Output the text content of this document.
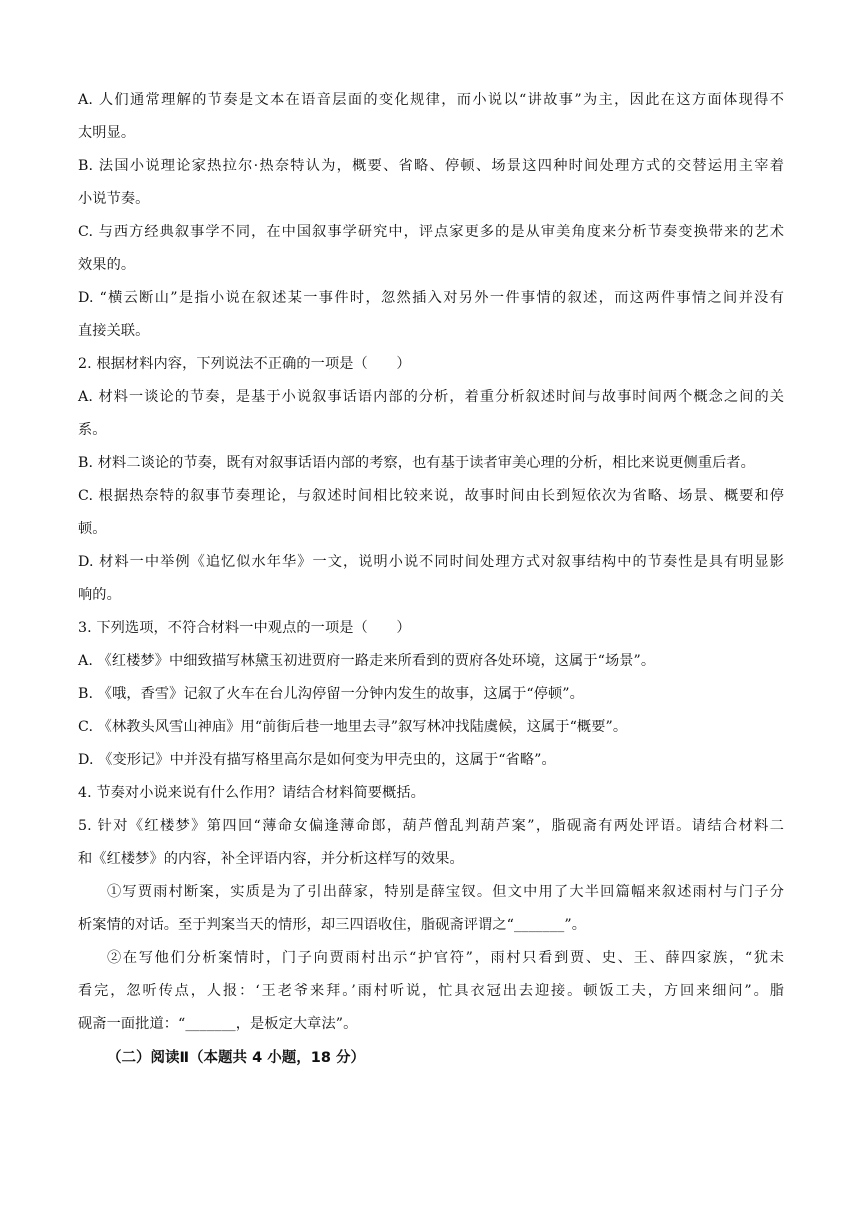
A. 人们通常理解的节奏是文本在语音层面的变化规律，而小说以“讲故事”为主，因此在这方面体现得不
太明显。
B. 法国小说理论家热拉尔·热奈特认为，概要、省略、停顿、场景这四种时间处理方式的交替运用主宰着
小说节奏。
C. 与西方经典叙事学不同，在中国叙事学研究中，评点家更多的是从审美角度来分析节奏变换带来的艺术
效果的。
D. “横云断山”是指小说在叙述某一事件时，忽然插入对另外一件事情的叙述，而这两件事情之间并没有
直接关联。
2. 根据材料内容，下列说法不正确的一项是（　　）
A. 材料一谈论的节奏，是基于小说叙事话语内部的分析，着重分析叙述时间与故事时间两个概念之间的关
系。
B. 材料二谈论的节奏，既有对叙事话语内部的考察，也有基于读者审美心理的分析，相比来说更侧重后者。
C. 根据热奈特的叙事节奏理论，与叙述时间相比较来说，故事时间由长到短依次为省略、场景、概要和停
顿。
D. 材料一中举例《追忆似水年华》一文，说明小说不同时间处理方式对叙事结构中的节奏性是具有明显影
响的。
3. 下列选项，不符合材料一中观点的一项是（　　）
A. 《红楼梦》中细致描写林黛玉初进贾府一路走来所看到的贾府各处环境，这属于“场景”。
B. 《哦，香雪》记叙了火车在台儿沟停留一分钟内发生的故事，这属于“停顿”。
C. 《林教头风雪山神庙》用“前街后巷一地里去寻”叙写林冲找陆虞候，这属于“概要”。
D. 《变形记》中并没有描写格里高尔是如何变为甲壳虫的，这属于“省略”。
4. 节奏对小说来说有什么作用？请结合材料简要概括。
5. 针对《红楼梦》第四回“薄命女偏逢薄命郎，葫芦僧乱判葫芦案”，脂砚斋有两处评语。请结合材料二
和《红楼梦》的内容，补全评语内容，并分析这样写的效果。
①写贾雨村断案，实质是为了引出薛家，特别是薛宝钗。但文中用了大半回篇幅来叙述雨村与门子分
析案情的对话。至于判案当天的情形，却三四语收住，脂砚斋评谓之“_______”。
②在写他们分析案情时，门子向贾雨村出示“护官符”，雨村只看到贾、史、王、薛四家族，“犹未
看完，忽听传点，人报：‘王老爷来拜。’雨村听说，忙具衣冠出去迎接。顿饭工夫，方回来细问”。脂
砚斋一面批道：“_______，是板定大章法”。
（二）阅读Ⅱ（本题共 4 小题，18 分）
